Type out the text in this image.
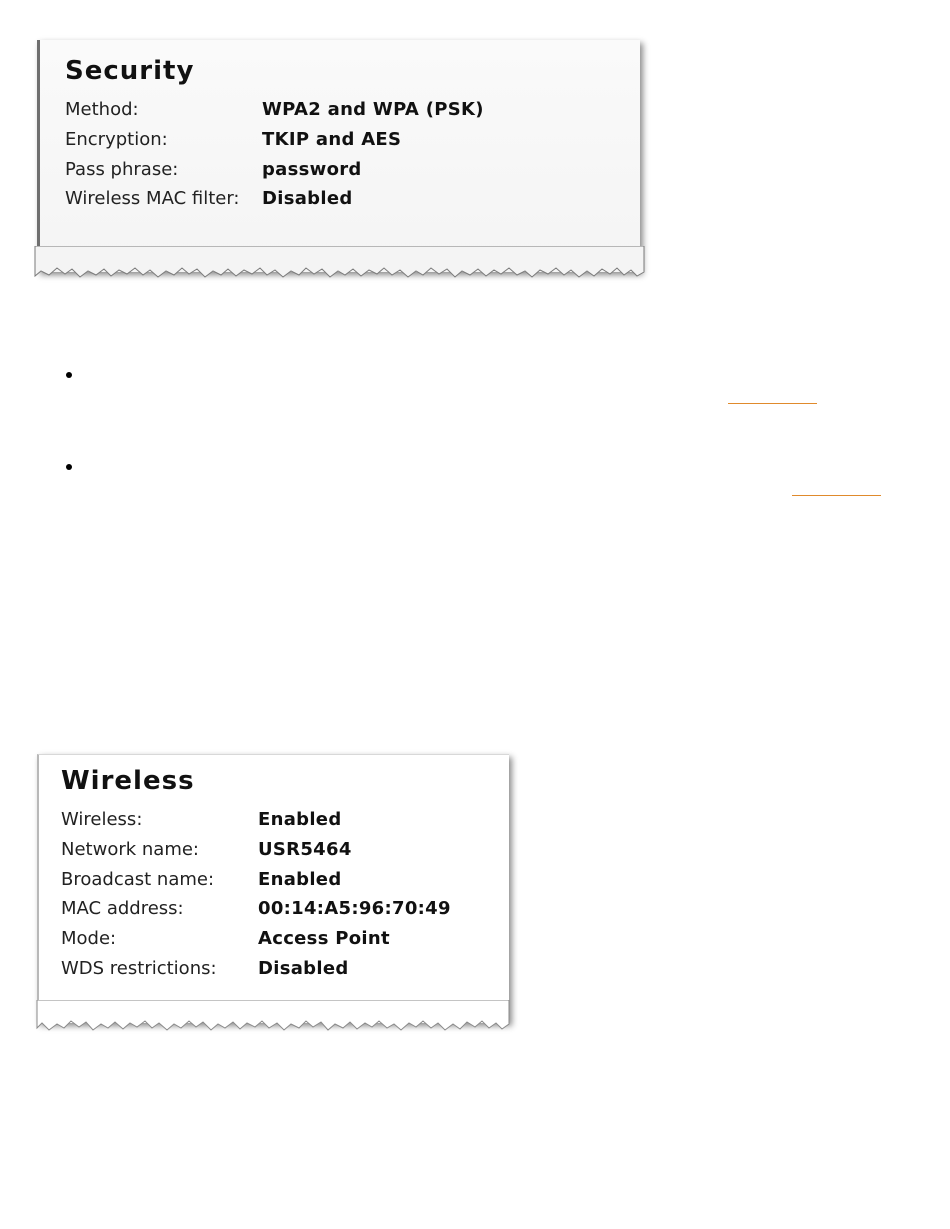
Security
Method:	WPA2 and WPA (PSK)
Encryption:	TKIP and AES
Pass phrase:	password
Wireless MAC filter: Disabled
Wireless
Wireless:	Enabled
Network name:	USR5464
Broadcast name: Enabled
MAC address:	00:14:A5:96:70:49
Mode:	Access Point
WDS restrictions: Disabled
